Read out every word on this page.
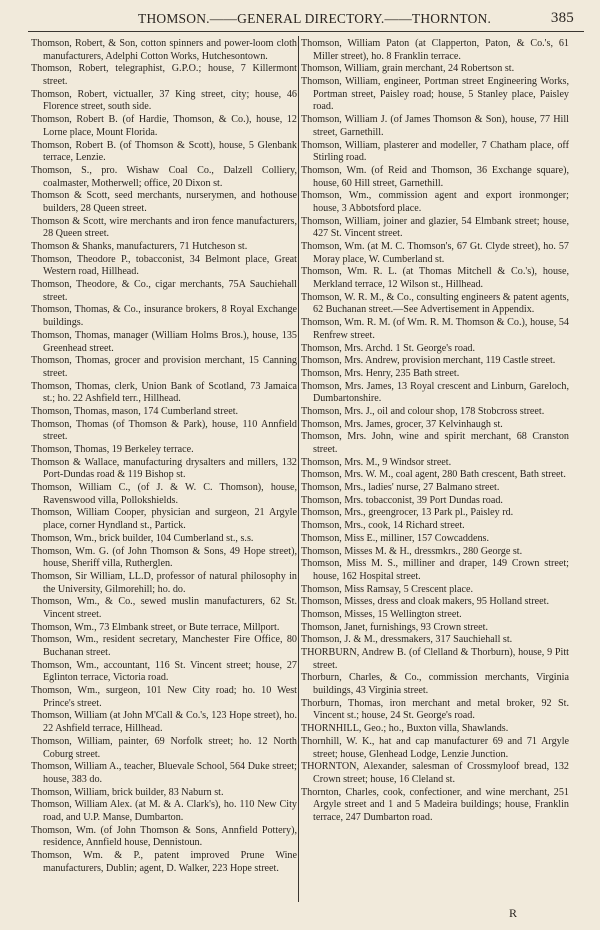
THOMSON.——GENERAL DIRECTORY.——THORNTON.	385
Thomson, Robert, & Son, cotton spinners and power-loom cloth manufacturers, Adelphi Cotton Works, Hutchesontown.
Thomson, Robert, telegraphist, G.P.O.; house, 7 Killermont street.
Thomson, Robert, victualler, 37 King street, city; house, 46 Florence street, south side.
Thomson, Robert B. (of Hardie, Thomson, & Co.), house, 12 Lorne place, Mount Florida.
Thomson, Robert B. (of Thomson & Scott), house, 5 Glenbank terrace, Lenzie.
Thomson, S., pro. Wishaw Coal Co., Dalzell Colliery, coalmaster, Motherwell; office, 20 Dixon st.
Thomson & Scott, seed merchants, nurserymen, and hothouse builders, 28 Queen street.
Thomson & Scott, wire merchants and iron fence manufacturers, 28 Queen street.
Thomson & Shanks, manufacturers, 71 Hutcheson st.
Thomson, Theodore P., tobacconist, 34 Belmont place, Great Western road, Hillhead.
Thomson, Theodore, & Co., cigar merchants, 75A Sauchiehall street.
Thomson, Thomas, & Co., insurance brokers, 8 Royal Exchange buildings.
Thomson, Thomas, manager (William Holms Bros.), house, 135 Greenhead street.
Thomson, Thomas, grocer and provision merchant, 15 Canning street.
Thomson, Thomas, clerk, Union Bank of Scotland, 73 Jamaica st.; ho. 22 Ashfield terr., Hillhead.
Thomson, Thomas, mason, 174 Cumberland street.
Thomson, Thomas (of Thomson & Park), house, 110 Annfield street.
Thomson, Thomas, 19 Berkeley terrace.
Thomson & Wallace, manufacturing drysalters and millers, 132 Port-Dundas road & 119 Bishop st.
Thomson, William C., (of J. & W. C. Thomson), house, Ravenswood villa, Pollokshields.
Thomson, William Cooper, physician and surgeon, 21 Argyle place, corner Hyndland st., Partick.
Thomson, Wm., brick builder, 104 Cumberland st., s.s.
Thomson, Wm. G. (of John Thomson & Sons, 49 Hope street), house, Sheriff villa, Rutherglen.
Thomson, Sir William, LL.D, professor of natural philosophy in the University, Gilmorehill; ho. do.
Thomson, Wm., & Co., sewed muslin manufacturers, 62 St. Vincent street.
Thomson, Wm., 73 Elmbank street, or Bute terrace, Millport.
Thomson, Wm., resident secretary, Manchester Fire Office, 80 Buchanan street.
Thomson, Wm., accountant, 116 St. Vincent street; house, 27 Eglinton terrace, Victoria road.
Thomson, Wm., surgeon, 101 New City road; ho. 10 West Prince's street.
Thomson, William (at John M'Call & Co.'s, 123 Hope street), ho. 22 Ashfield terrace, Hillhead.
Thomson, William, painter, 69 Norfolk street; ho. 12 North Coburg street.
Thomson, William A., teacher, Bluevale School, 564 Duke street; house, 383 do.
Thomson, William, brick builder, 83 Naburn st.
Thomson, William Alex. (at M. & A. Clark's), ho. 110 New City road, and U.P. Manse, Dumbarton.
Thomson, Wm. (of John Thomson & Sons, Annfield Pottery), residence, Annfield house, Dennistoun.
Thomson, Wm. & P., patent improved Prune Wine manufacturers, Dublin; agent, D. Walker, 223 Hope street.
Thomson, William Paton (at Clapperton, Paton, & Co.'s, 61 Miller street), ho. 8 Franklin terrace.
Thomson, William, grain merchant, 24 Robertson st.
Thomson, William, engineer, Portman street Engineering Works, Portman street, Paisley road; house, 5 Stanley place, Paisley road.
Thomson, William J. (of James Thomson & Son), house, 77 Hill street, Garnethill.
Thomson, William, plasterer and modeller, 7 Chatham place, off Stirling road.
Thomson, Wm. (of Reid and Thomson, 36 Exchange square), house, 60 Hill street, Garnethill.
Thomson, Wm., commission agent and export ironmonger; house, 3 Abbotsford place.
Thomson, William, joiner and glazier, 54 Elmbank street; house, 427 St. Vincent street.
Thomson, Wm. (at M. C. Thomson's, 67 Gt. Clyde street), ho. 57 Moray place, W. Cumberland st.
Thomson, Wm. R. L. (at Thomas Mitchell & Co.'s), house, Merkland terrace, 12 Wilson st., Hillhead.
Thomson, W. R. M., & Co., consulting engineers & patent agents, 62 Buchanan street.—See Advertisement in Appendix.
Thomson, Wm. R. M. (of Wm. R. M. Thomson & Co.), house, 54 Renfrew street.
Thomson, Mrs. Archd. 1 St. George's road.
Thomson, Mrs. Andrew, provision merchant, 119 Castle street.
Thomson, Mrs. Henry, 235 Bath street.
Thomson, Mrs. James, 13 Royal crescent and Linburn, Gareloch, Dumbartonshire.
Thomson, Mrs. J., oil and colour shop, 178 Stobcross street.
Thomson, Mrs. James, grocer, 37 Kelvinhaugh st.
Thomson, Mrs. John, wine and spirit merchant, 68 Cranston street.
Thomson, Mrs. M., 9 Windsor street.
Thomson, Mrs. W. M., coal agent, 280 Bath crescent, Bath street.
Thomson, Mrs., ladies' nurse, 27 Balmano street.
Thomson, Mrs. tobacconist, 39 Port Dundas road.
Thomson, Mrs., greengrocer, 13 Park pl., Paisley rd.
Thomson, Mrs., cook, 14 Richard street.
Thomson, Miss E., milliner, 157 Cowcaddens.
Thomson, Misses M. & H., dressmkrs., 280 George st.
Thomson, Miss M. S., milliner and draper, 149 Crown street; house, 162 Hospital street.
Thomson, Miss Ramsay, 5 Crescent place.
Thomson, Misses, dress and cloak makers, 95 Holland street.
Thomson, Misses, 15 Wellington street.
Thomson, Janet, furnishings, 93 Crown street.
Thomson, J. & M., dressmakers, 317 Sauchiehall st.
THORBURN, Andrew B. (of Clelland & Thorburn), house, 9 Pitt street.
Thorburn, Charles, & Co., commission merchants, Virginia buildings, 43 Virginia street.
Thorburn, Thomas, iron merchant and metal broker, 92 St. Vincent st.; house, 24 St. George's road.
THORNHILL, Geo.; ho., Buxton villa, Shawlands.
Thornhill, W. K., hat and cap manufacturer 69 and 71 Argyle street; house, Glenhead Lodge, Lenzie Junction.
THORNTON, Alexander, salesman of Crossmyloof bread, 132 Crown street; house, 16 Cleland st.
Thornton, Charles, cook, confectioner, and wine merchant, 251 Argyle street and 1 and 5 Madeira buildings; house, Franklin terrace, 247 Dumbarton road.
R
